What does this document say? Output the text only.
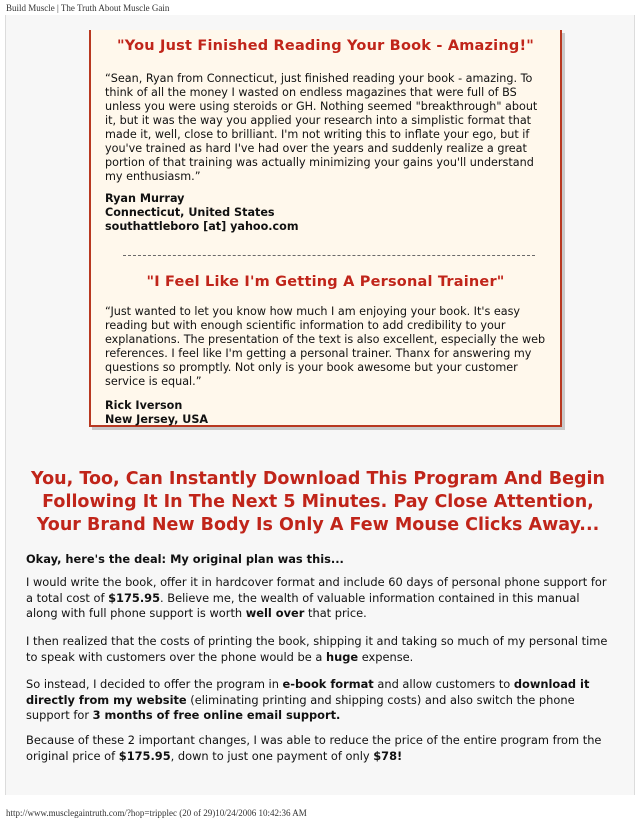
Build Muscle | The Truth About Muscle Gain
"You Just Finished Reading Your Book - Amazing!"

“Sean, Ryan from Connecticut, just finished reading your book - amazing. To think of all the money I wasted on endless magazines that were full of BS unless you were using steroids or GH. Nothing seemed "breakthrough" about it, but it was the way you applied your research into a simplistic format that made it, well, close to brilliant. I'm not writing this to inflate your ego, but if you've trained as hard I've had over the years and suddenly realize a great portion of that training was actually minimizing your gains you'll understand my enthusiasm.”

Ryan Murray
Connecticut, United States
southattleboro [at] yahoo.com
"I Feel Like I'm Getting A Personal Trainer"

“Just wanted to let you know how much I am enjoying your book. It's easy reading but with enough scientific information to add credibility to your explanations. The presentation of the text is also excellent, especially the web references. I feel like I'm getting a personal trainer. Thanx for answering my questions so promptly. Not only is your book awesome but your customer service is equal.”

Rick Iverson
New Jersey, USA
You, Too, Can Instantly Download This Program And Begin Following It In The Next 5 Minutes. Pay Close Attention, Your Brand New Body Is Only A Few Mouse Clicks Away...

Okay, here's the deal: My original plan was this...

I would write the book, offer it in hardcover format and include 60 days of personal phone support for a total cost of $175.95. Believe me, the wealth of valuable information contained in this manual along with full phone support is worth well over that price.

I then realized that the costs of printing the book, shipping it and taking so much of my personal time to speak with customers over the phone would be a huge expense.

So instead, I decided to offer the program in e-book format and allow customers to download it directly from my website (eliminating printing and shipping costs) and also switch the phone support for 3 months of free online email support.

Because of these 2 important changes, I was able to reduce the price of the entire program from the original price of $175.95, down to just one payment of only $78!

http://www.musclegaintruth.com/?hop=tripplec (20 of 29)10/24/2006 10:42:36 AM
